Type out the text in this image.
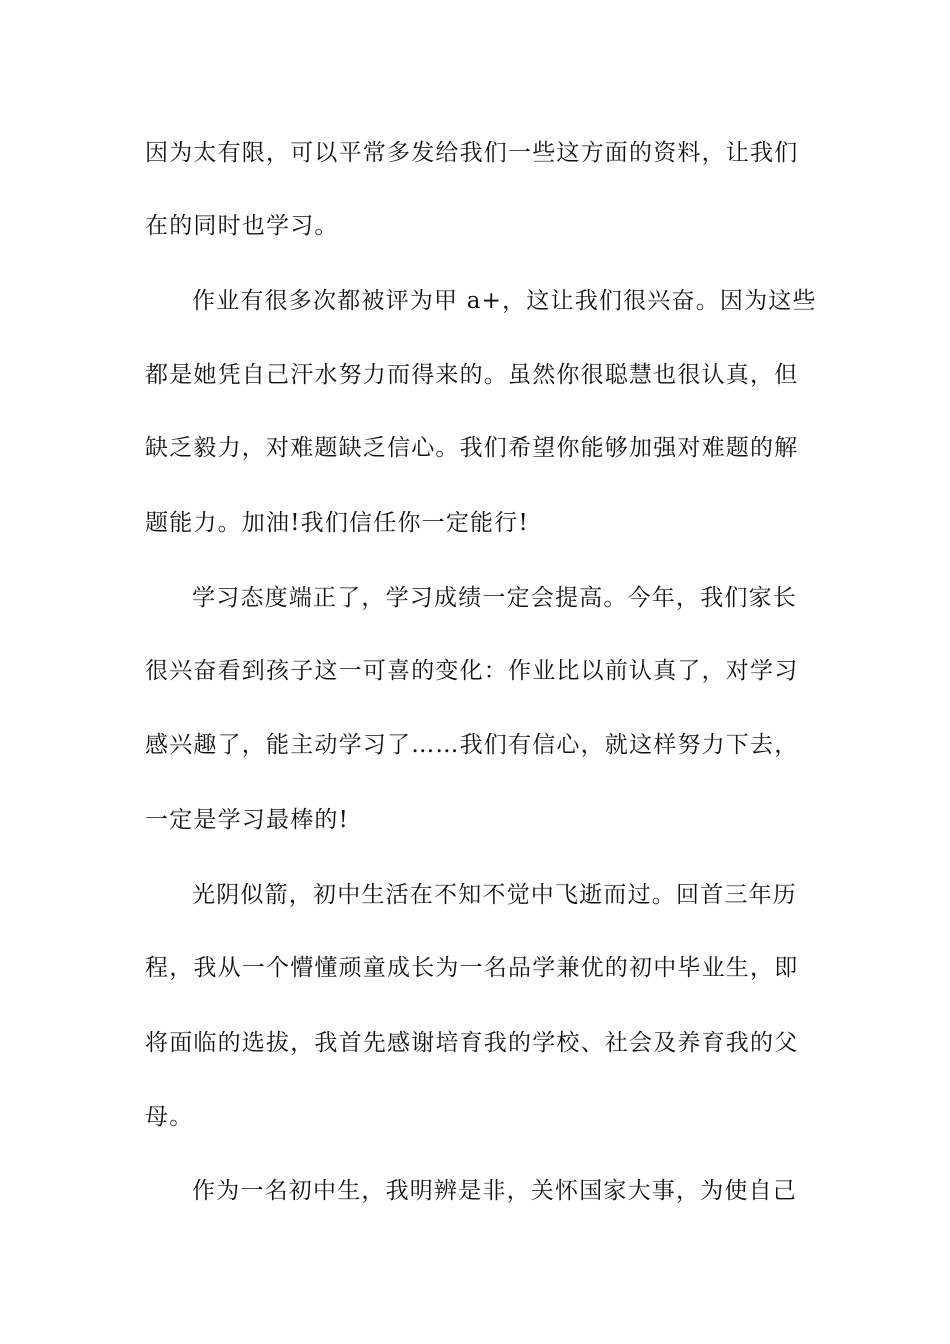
因为太有限，可以平常多发给我们一些这方面的资料，让我们
在的同时也学习。
作业有很多次都被评为甲 a+，这让我们很兴奋。因为这些
都是她凭自己汗水努力而得来的。虽然你很聪慧也很认真，但
缺乏毅力，对难题缺乏信心。我们希望你能够加强对难题的解
题能力。加油!我们信任你一定能行!
学习态度端正了，学习成绩一定会提高。今年，我们家长
很兴奋看到孩子这一可喜的变化：作业比以前认真了，对学习
感兴趣了，能主动学习了……我们有信心，就这样努力下去，
一定是学习最棒的!
光阴似箭，初中生活在不知不觉中飞逝而过。回首三年历
程，我从一个懵懂顽童成长为一名品学兼优的初中毕业生，即
将面临的选拔，我首先感谢培育我的学校、社会及养育我的父
母。
作为一名初中生，我明辨是非，关怀国家大事，为使自己
